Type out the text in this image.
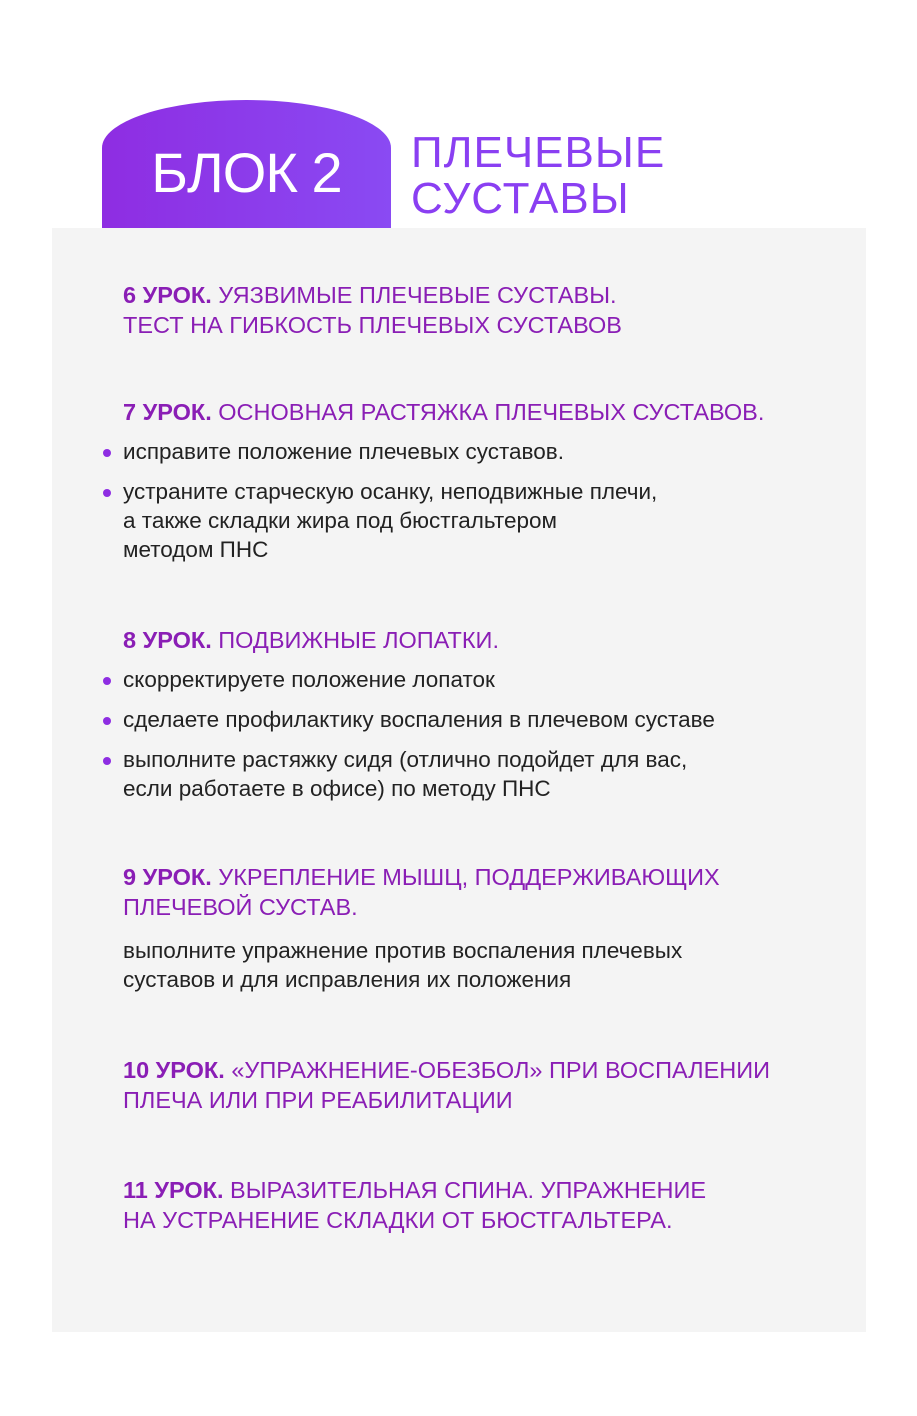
БЛОК 2	ПЛЕЧЕВЫЕ
СУСТАВЫ
6 УРОК. УЯЗВИМЫЕ ПЛЕЧЕВЫЕ СУСТАВЫ.
ТЕСТ НА ГИБКОСТЬ ПЛЕЧЕВЫХ СУСТАВОВ
7 УРОК. ОСНОВНАЯ РАСТЯЖКА ПЛЕЧЕВЫХ СУСТАВОВ.
исправите положение плечевых суставов.
устраните старческую осанку, неподвижные плечи,
а также складки жира под бюстгальтером
методом ПНС
8 УРОК. ПОДВИЖНЫЕ ЛОПАТКИ.
скорректируете положение лопаток
сделаете профилактику воспаления в плечевом суставе
выполните растяжку сидя (отлично подойдет для вас,
если работаете в офисе) по методу ПНС
9 УРОК. УКРЕПЛЕНИЕ МЫШЦ, ПОДДЕРЖИВАЮЩИХ
ПЛЕЧЕВОЙ СУСТАВ.
выполните упражнение против воспаления плечевых
суставов и для исправления их положения
10 УРОК. «УПРАЖНЕНИЕ-ОБЕЗБОЛ» ПРИ ВОСПАЛЕНИИ
ПЛЕЧА ИЛИ ПРИ РЕАБИЛИТАЦИИ
11 УРОК. ВЫРАЗИТЕЛЬНАЯ СПИНА. УПРАЖНЕНИЕ
НА УСТРАНЕНИЕ СКЛАДКИ ОТ БЮСТГАЛЬТЕРА.
